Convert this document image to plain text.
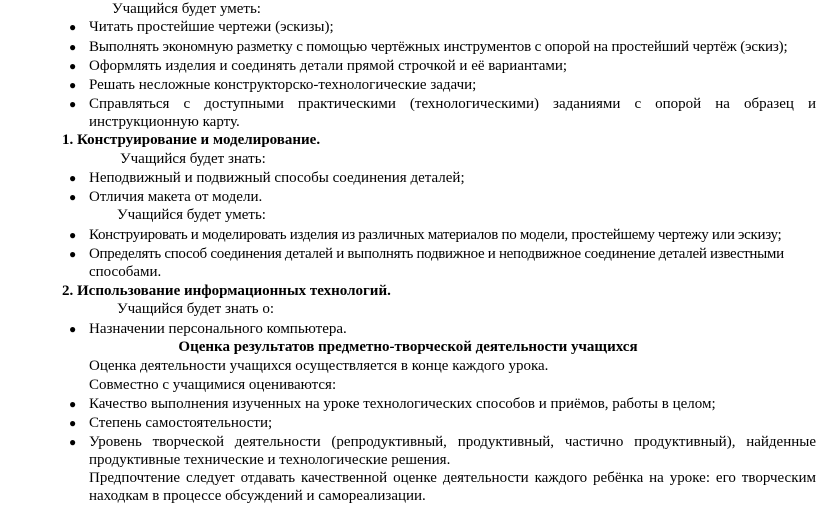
Учащийся будет уметь:
● Читать простейшие чертежи (эскизы);
● Выполнять экономную разметку с помощью чертёжных инструментов с опорой на простейший чертёж (эскиз);
● Оформлять изделия и соединять детали прямой строчкой и её вариантами;
● Решать несложные конструкторско-технологические задачи;
● Справляться с доступными практическими (технологическими) заданиями с опорой на образец и
инструкционную карту.
1. Конструирование и моделирование.
Учащийся будет знать:
● Неподвижный и подвижный способы соединения деталей;
● Отличия макета от модели.
Учащийся будет уметь:
● Конструировать и моделировать изделия из различных материалов по модели, простейшему чертежу или эскизу;
● Определять способ соединения деталей и выполнять подвижное и неподвижное соединение деталей известными
способами.
2. Использование информационных технологий.
Учащийся будет знать о:
● Назначении персонального компьютера.
Оценка результатов предметно-творческой деятельности учащихся
Оценка деятельности учащихся осуществляется в конце каждого урока.
Совместно с учащимися оцениваются:
● Качество выполнения изученных на уроке технологических способов и приёмов, работы в целом;
● Степень самостоятельности;
● Уровень творческой деятельности (репродуктивный, продуктивный, частично продуктивный), найденные
продуктивные технические и технологические решения.
Предпочтение следует отдавать качественной оценке деятельности каждого ребёнка на уроке: его творческим
находкам в процессе обсуждений и самореализации.
